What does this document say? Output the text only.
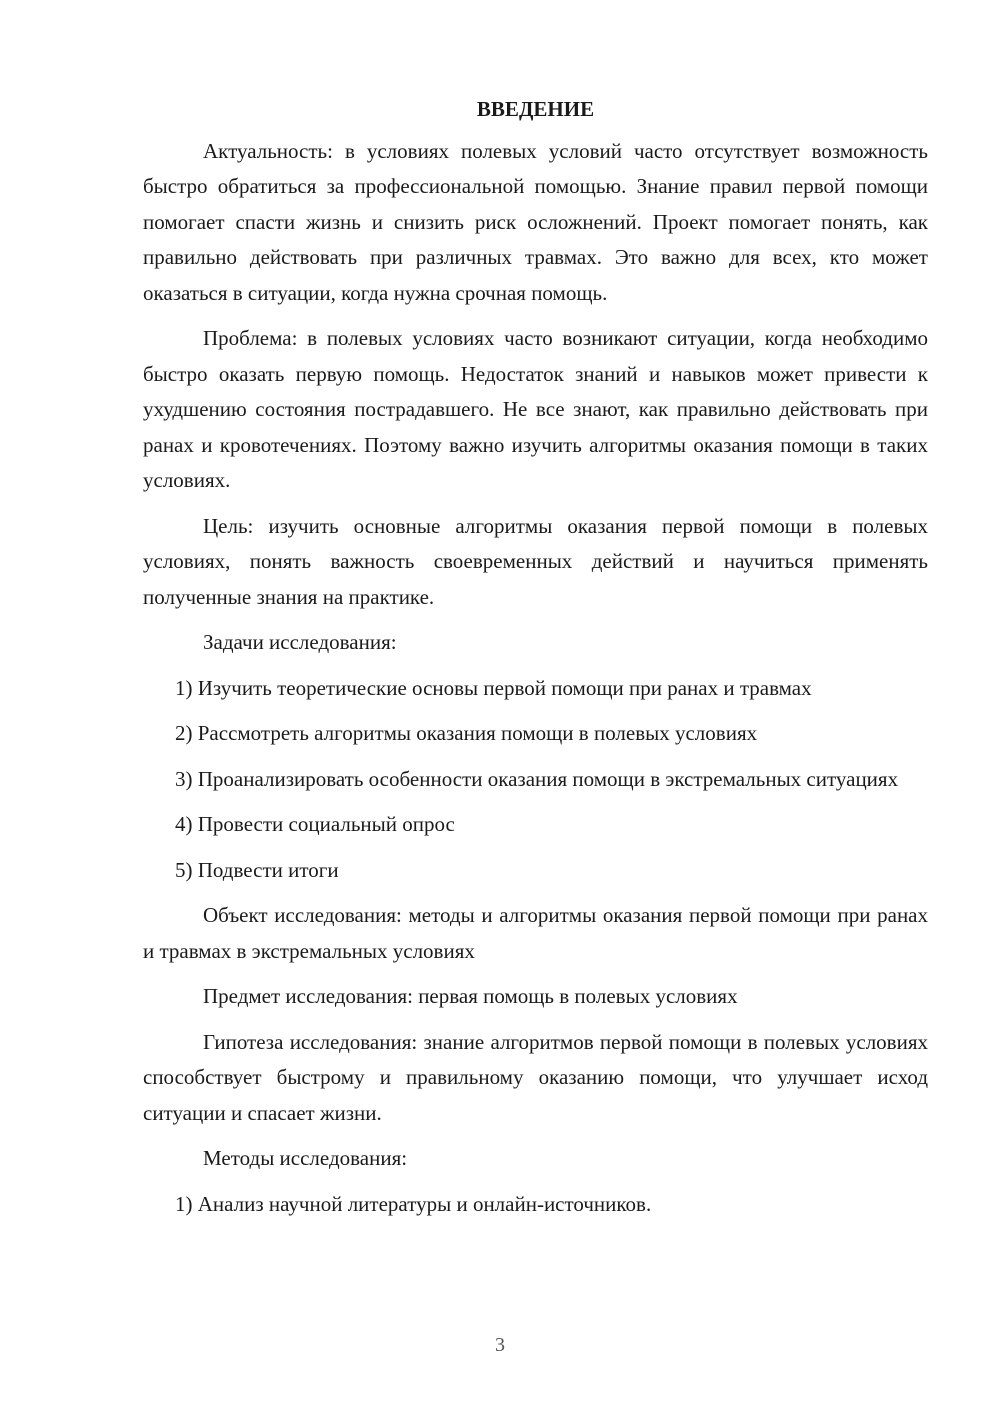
ВВЕДЕНИЕ

Актуальность: в условиях полевых условий часто отсутствует возможность быстро обратиться за профессиональной помощью. Знание правил первой помощи помогает спасти жизнь и снизить риск осложнений. Проект помогает понять, как правильно действовать при различных травмах. Это важно для всех, кто может оказаться в ситуации, когда нужна срочная помощь.

Проблема: в полевых условиях часто возникают ситуации, когда необходимо быстро оказать первую помощь. Недостаток знаний и навыков может привести к ухудшению состояния пострадавшего. Не все знают, как правильно действовать при ранах и кровотечениях. Поэтому важно изучить алгоритмы оказания помощи в таких условиях.

Цель: изучить основные алгоритмы оказания первой помощи в полевых условиях, понять важность своевременных действий и научиться применять полученные знания на практике.

Задачи исследования:

1) Изучить теоретические основы первой помощи при ранах и травмах

2) Рассмотреть алгоритмы оказания помощи в полевых условиях

3) Проанализировать особенности оказания помощи в экстремальных ситуациях

4) Провести социальный опрос

5) Подвести итоги

Объект исследования: методы и алгоритмы оказания первой помощи при ранах и травмах в экстремальных условиях

Предмет исследования: первая помощь в полевых условиях

Гипотеза исследования: знание алгоритмов первой помощи в полевых условиях способствует быстрому и правильному оказанию помощи, что улучшает исход ситуации и спасает жизни.

Методы исследования:

1) Анализ научной литературы и онлайн-источников.

3
